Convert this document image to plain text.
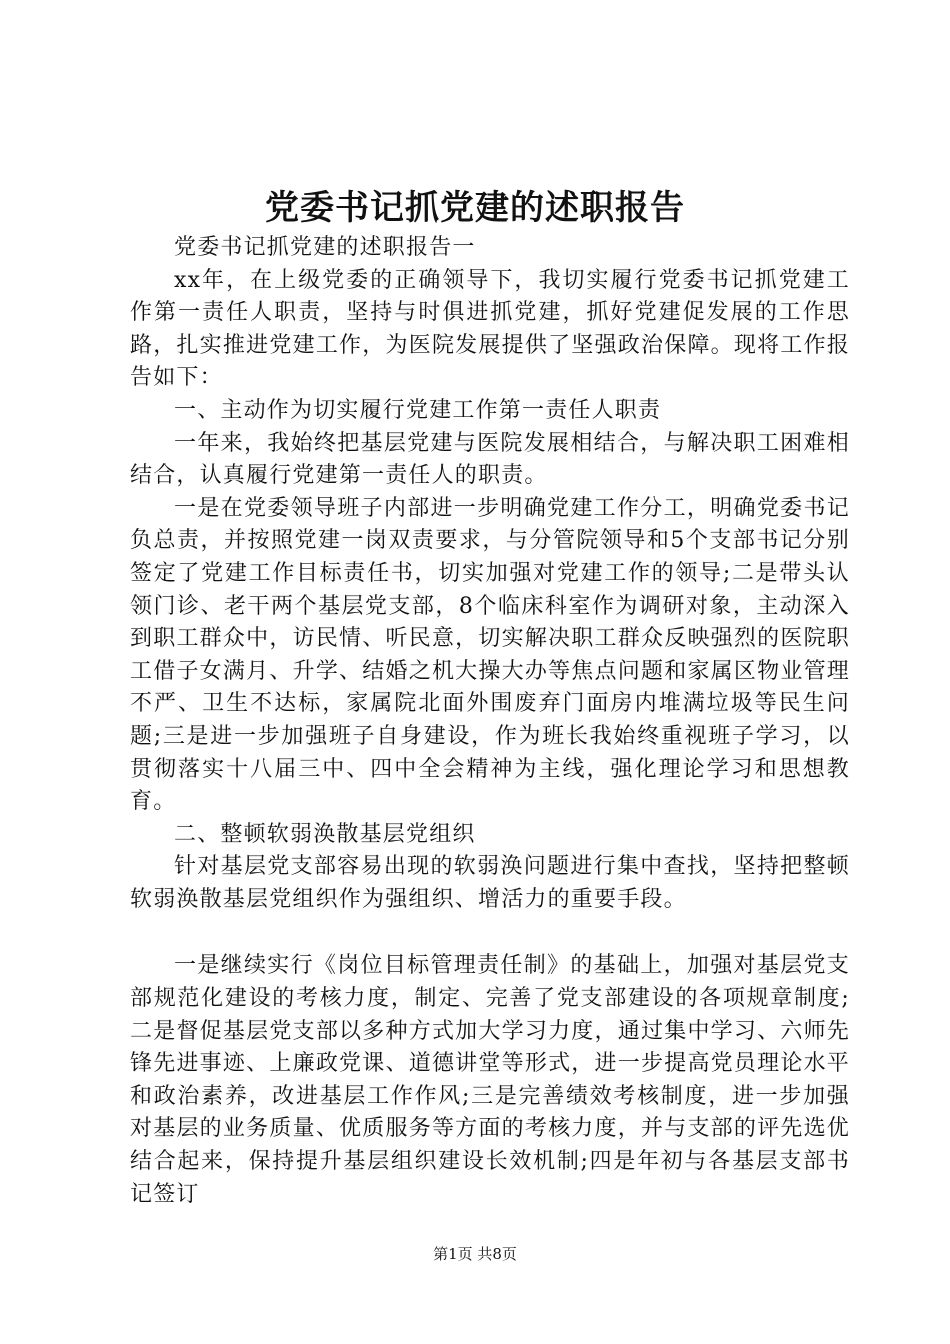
党委书记抓党建的述职报告

党委书记抓党建的述职报告一

xx年，在上级党委的正确领导下，我切实履行党委书记抓党建工作第一责任人职责，坚持与时俱进抓党建，抓好党建促发展的工作思路，扎实推进党建工作，为医院发展提供了坚强政治保障。现将工作报告如下：

一、主动作为切实履行党建工作第一责任人职责

一年来，我始终把基层党建与医院发展相结合，与解决职工困难相结合，认真履行党建第一责任人的职责。

一是在党委领导班子内部进一步明确党建工作分工，明确党委书记负总责，并按照党建一岗双责要求，与分管院领导和5个支部书记分别签定了党建工作目标责任书，切实加强对党建工作的领导;二是带头认领门诊、老干两个基层党支部，8个临床科室作为调研对象，主动深入到职工群众中，访民情、听民意，切实解决职工群众反映强烈的医院职工借子女满月、升学、结婚之机大操大办等焦点问题和家属区物业管理不严、卫生不达标，家属院北面外围废弃门面房内堆满垃圾等民生问题;三是进一步加强班子自身建设，作为班长我始终重视班子学习，以贯彻落实十八届三中、四中全会精神为主线，强化理论学习和思想教育。

二、整顿软弱涣散基层党组织

针对基层党支部容易出现的软弱涣问题进行集中查找，坚持把整顿软弱涣散基层党组织作为强组织、增活力的重要手段。

一是继续实行《岗位目标管理责任制》的基础上，加强对基层党支部规范化建设的考核力度，制定、完善了党支部建设的各项规章制度;二是督促基层党支部以多种方式加大学习力度，通过集中学习、六师先锋先进事迹、上廉政党课、道德讲堂等形式，进一步提高党员理论水平和政治素养，改进基层工作作风;三是完善绩效考核制度，进一步加强对基层的业务质量、优质服务等方面的考核力度，并与支部的评先选优结合起来，保持提升基层组织建设长效机制;四是年初与各基层支部书记签订

第1页 共8页
